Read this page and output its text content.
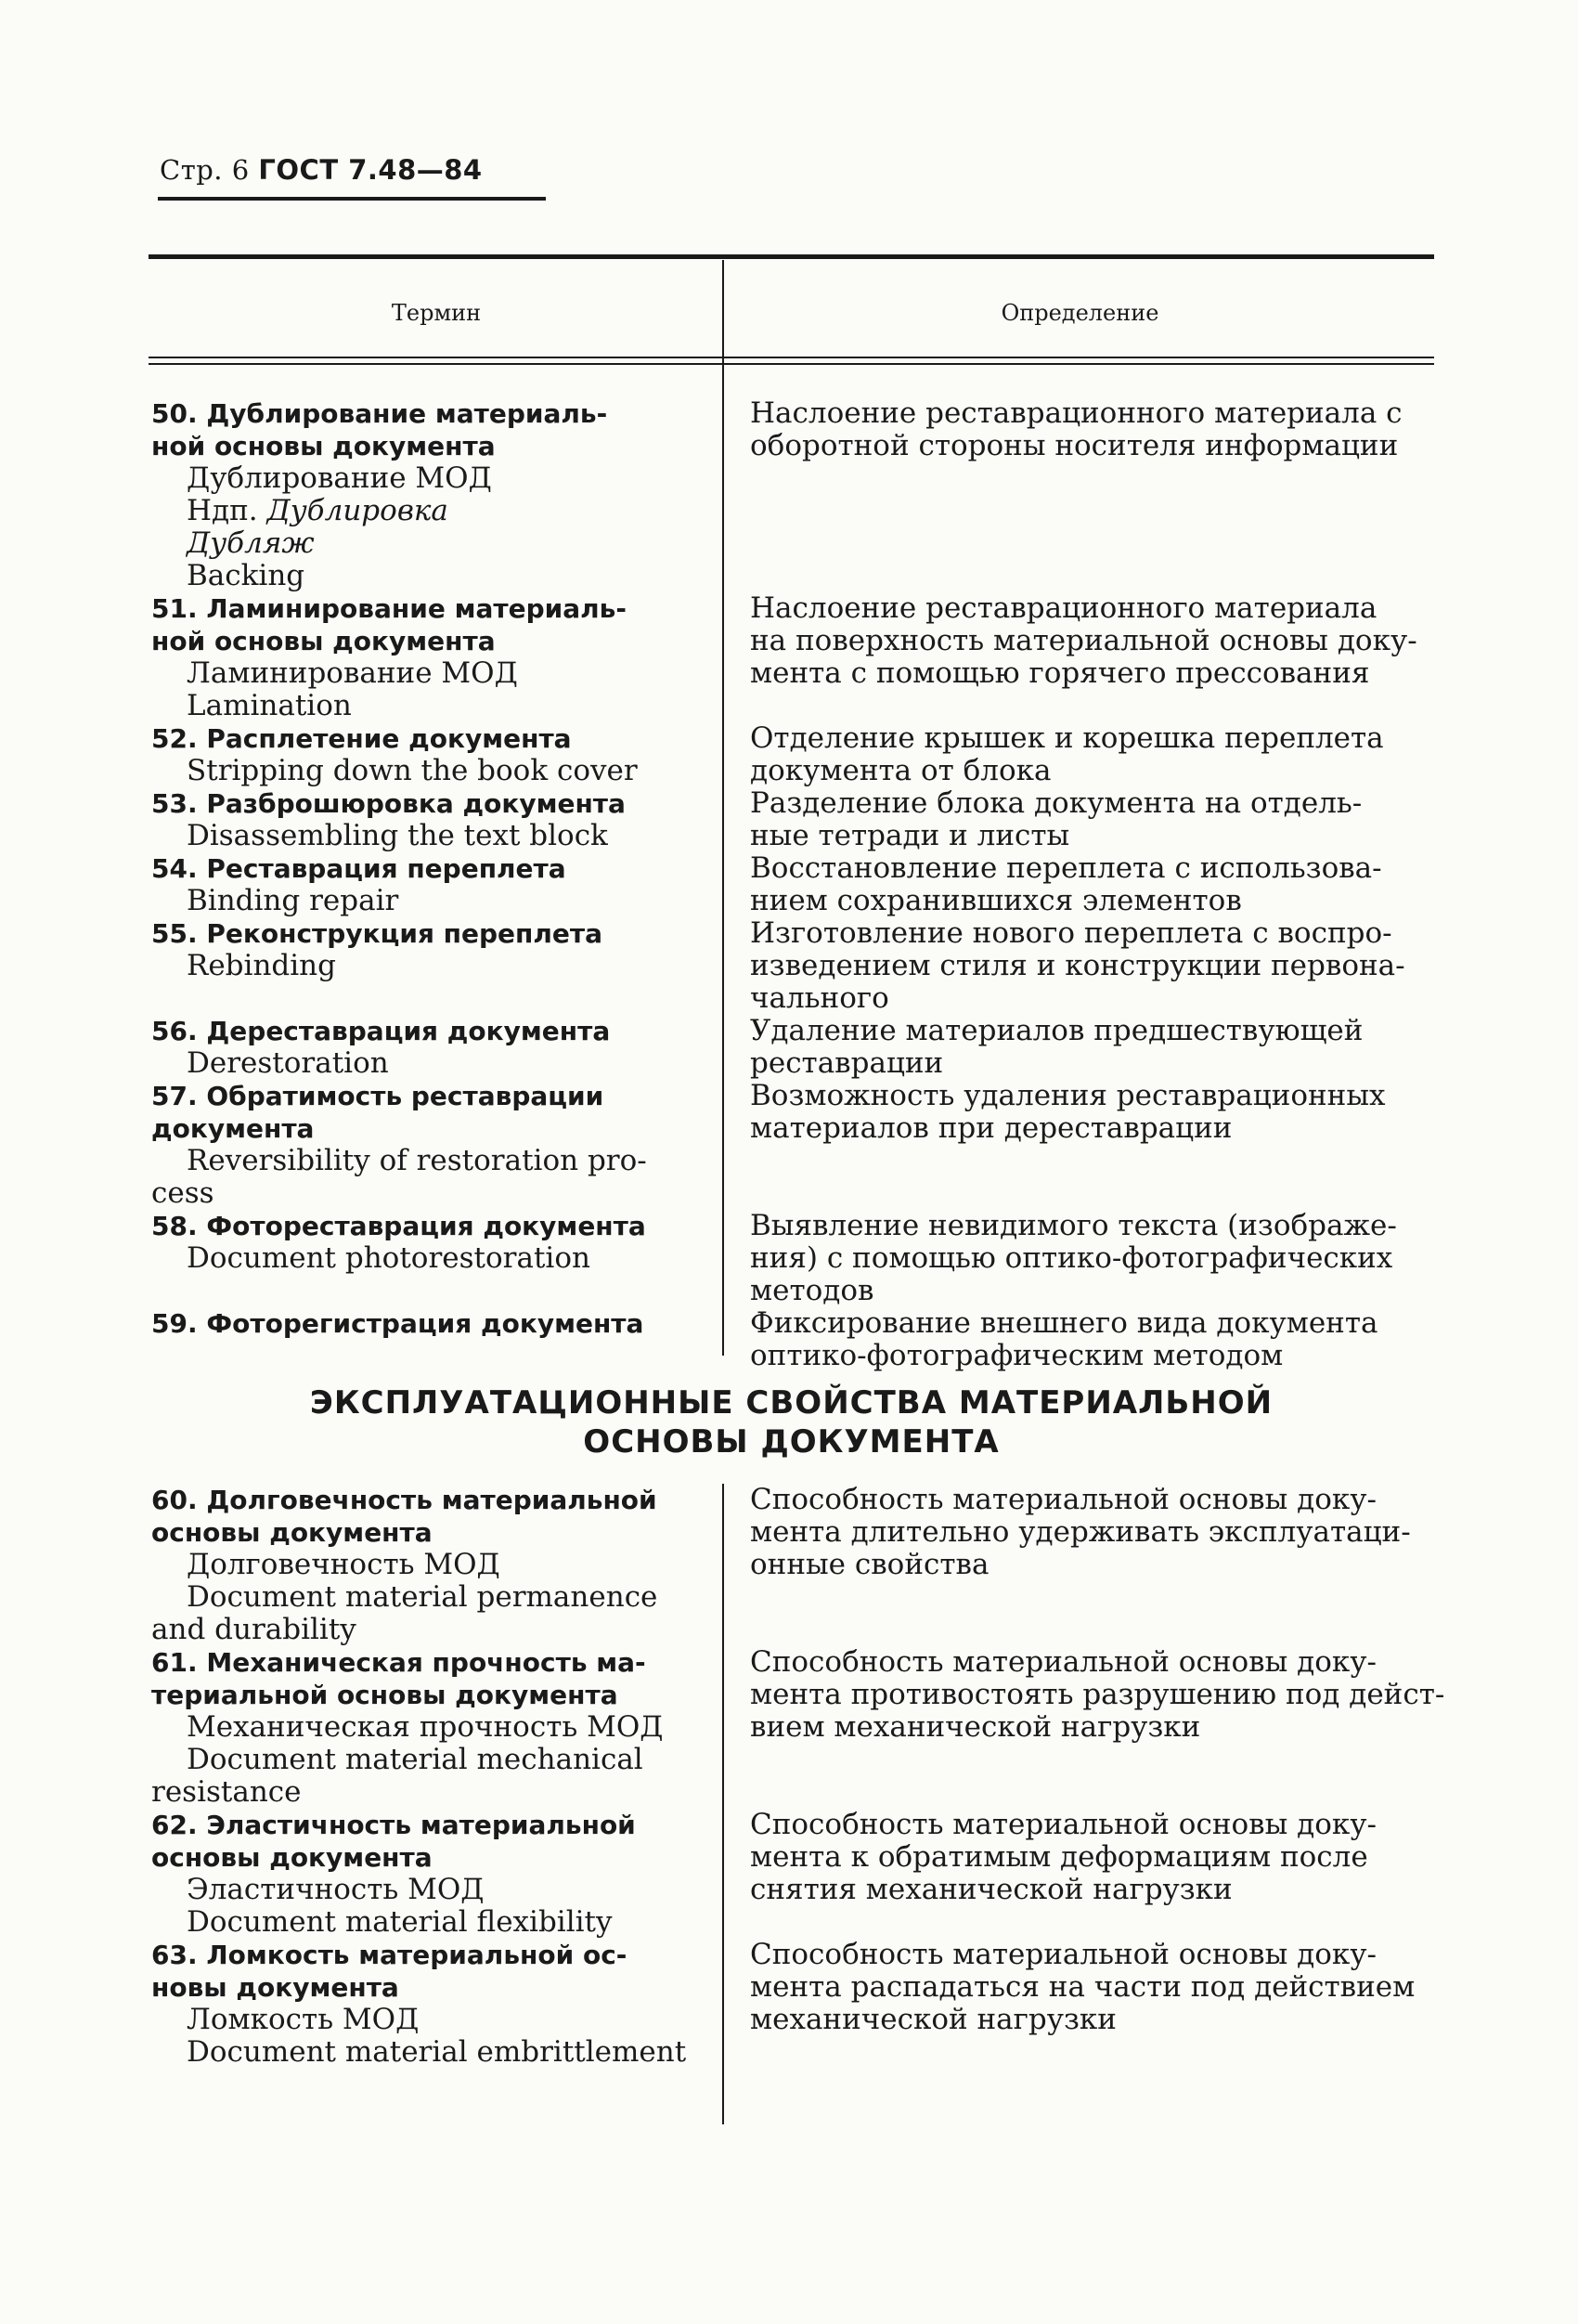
Стр. 6 ГОСТ 7.48—84
Термин	Определение
50. Дублирование материаль-
ной основы документа
Дублирование МОД
Ндп. Дублировка
Дубляж
Backing
Наслоение реставрационного материала с
оборотной стороны носителя информации
51. Ламинирование материаль-
ной основы документа
Ламинирование МОД
Lamination
Наслоение реставрационного материала
на поверхность материальной основы доку-
мента с помощью горячего прессования
52. Расплетение документа
Stripping down the book cover
Отделение крышек и корешка переплета
документа от блока
53. Разброшюровка документа
Disassembling the text block
Разделение блока документа на отдель-
ные тетради и листы
54. Реставрация переплета
Binding repair
Восстановление переплета с использова-
нием сохранившихся элементов
55. Реконструкция переплета
Rebinding
Изготовление нового переплета с воспро-
изведением стиля и конструкции первона-
чального
56. Дереставрация документа
Derestoration
Удаление материалов предшествующей
реставрации
57. Обратимость реставрации
документа
Reversibility of restoration pro-
cess
Возможность удаления реставрационных
материалов при дереставрации
58. Фотореставрация документа
Document photorestoration
Выявление невидимого текста (изображе-
ния) с помощью оптико-фотографических
методов
59. Фоторегистрация документа	Фиксирование внешнего вида документа
оптико-фотографическим методом
ЭКСПЛУАТАЦИОННЫЕ СВОЙСТВА МАТЕРИАЛЬНОЙ
ОСНОВЫ ДОКУМЕНТА
60. Долговечность материальной
основы документа
Долговечность МОД
Document material permanence
and durability
Способность материальной основы доку-
мента длительно удерживать эксплуатаци-
онные свойства
61. Механическая прочность ма-
териальной основы документа
Механическая прочность МОД
Document material mechanical
resistance
Способность материальной основы доку-
мента противостоять разрушению под дейст-
вием механической нагрузки
62. Эластичность материальной
основы документа
Эластичность МОД
Document material flexibility
Способность материальной основы доку-
мента к обратимым деформациям после
снятия механической нагрузки
63. Ломкость материальной ос-
новы документа
Ломкость МОД
Document material embrittlement
Способность материальной основы доку-
мента распадаться на части под действием
механической нагрузки
